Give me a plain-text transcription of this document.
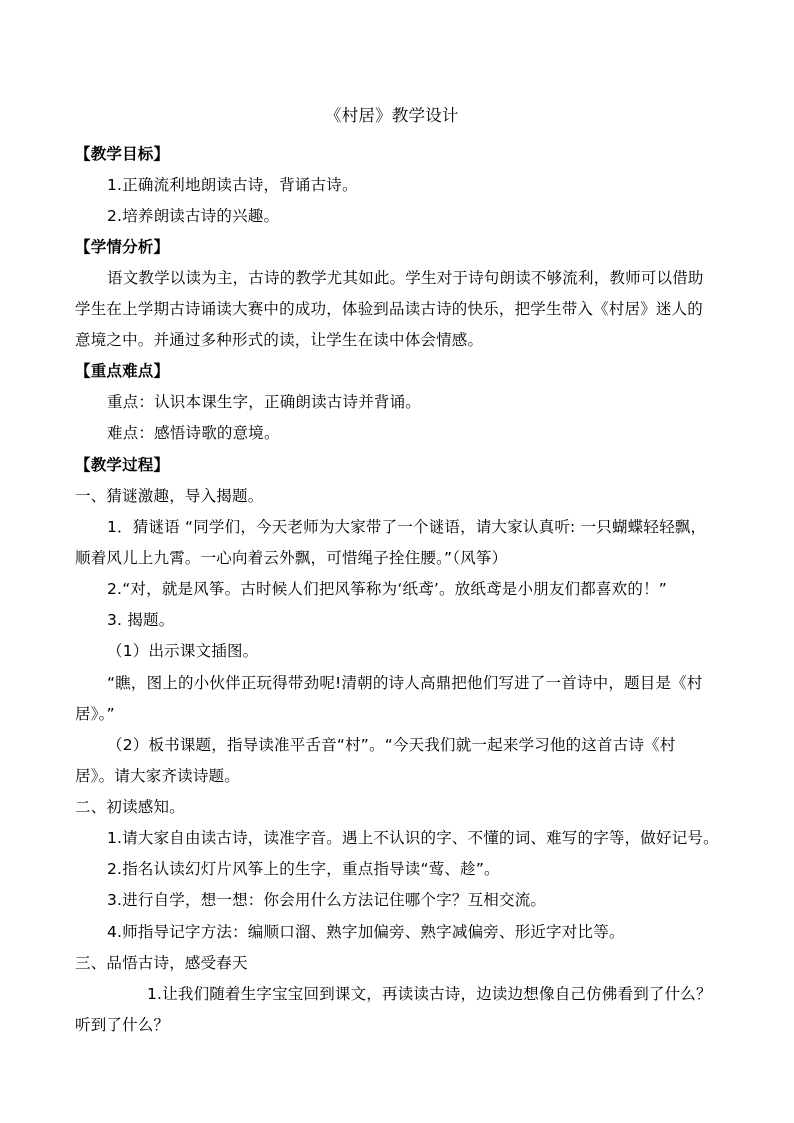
《村居》教学设计
【教学目标】
1.正确流利地朗读古诗，背诵古诗。
2.培养朗读古诗的兴趣。
【学情分析】
语文教学以读为主，古诗的教学尤其如此。学生对于诗句朗读不够流利，教师可以借助
学生在上学期古诗诵读大赛中的成功，体验到品读古诗的快乐，把学生带入《村居》迷人的
意境之中。并通过多种形式的读，让学生在读中体会情感。
【重点难点】
重点：认识本课生字，正确朗读古诗并背诵。
难点：感悟诗歌的意境。
【教学过程】
一、猜谜激趣，导入揭题。
1．猜谜语 “同学们，今天老师为大家带了一个谜语，请大家认真听: 一只蝴蝶轻轻飘，
顺着风儿上九霄。一心向着云外飘，可惜绳子拴住腰。”（风筝）
2.“对，就是风筝。古时候人们把风筝称为‘纸鸢’。放纸鸢是小朋友们都喜欢的！”
3. 揭题。
（1）出示课文插图。
“瞧，图上的小伙伴正玩得带劲呢!清朝的诗人高鼎把他们写进了一首诗中，题目是《村
居》。”
（2）板书课题，指导读准平舌音“村”。“今天我们就一起来学习他的这首古诗《村
居》。请大家齐读诗题。
二、初读感知。
1.请大家自由读古诗，读准字音。遇上不认识的字、不懂的词、难写的字等，做好记号。
2.指名认读幻灯片风筝上的生字，重点指导读“莺、趁”。
3.进行自学，想一想：你会用什么方法记住哪个字？互相交流。
4.师指导记字方法：编顺口溜、熟字加偏旁、熟字减偏旁、形近字对比等。
三、品悟古诗，感受春天
1.让我们随着生字宝宝回到课文，再读读古诗，边读边想像自己仿佛看到了什么？
听到了什么？
